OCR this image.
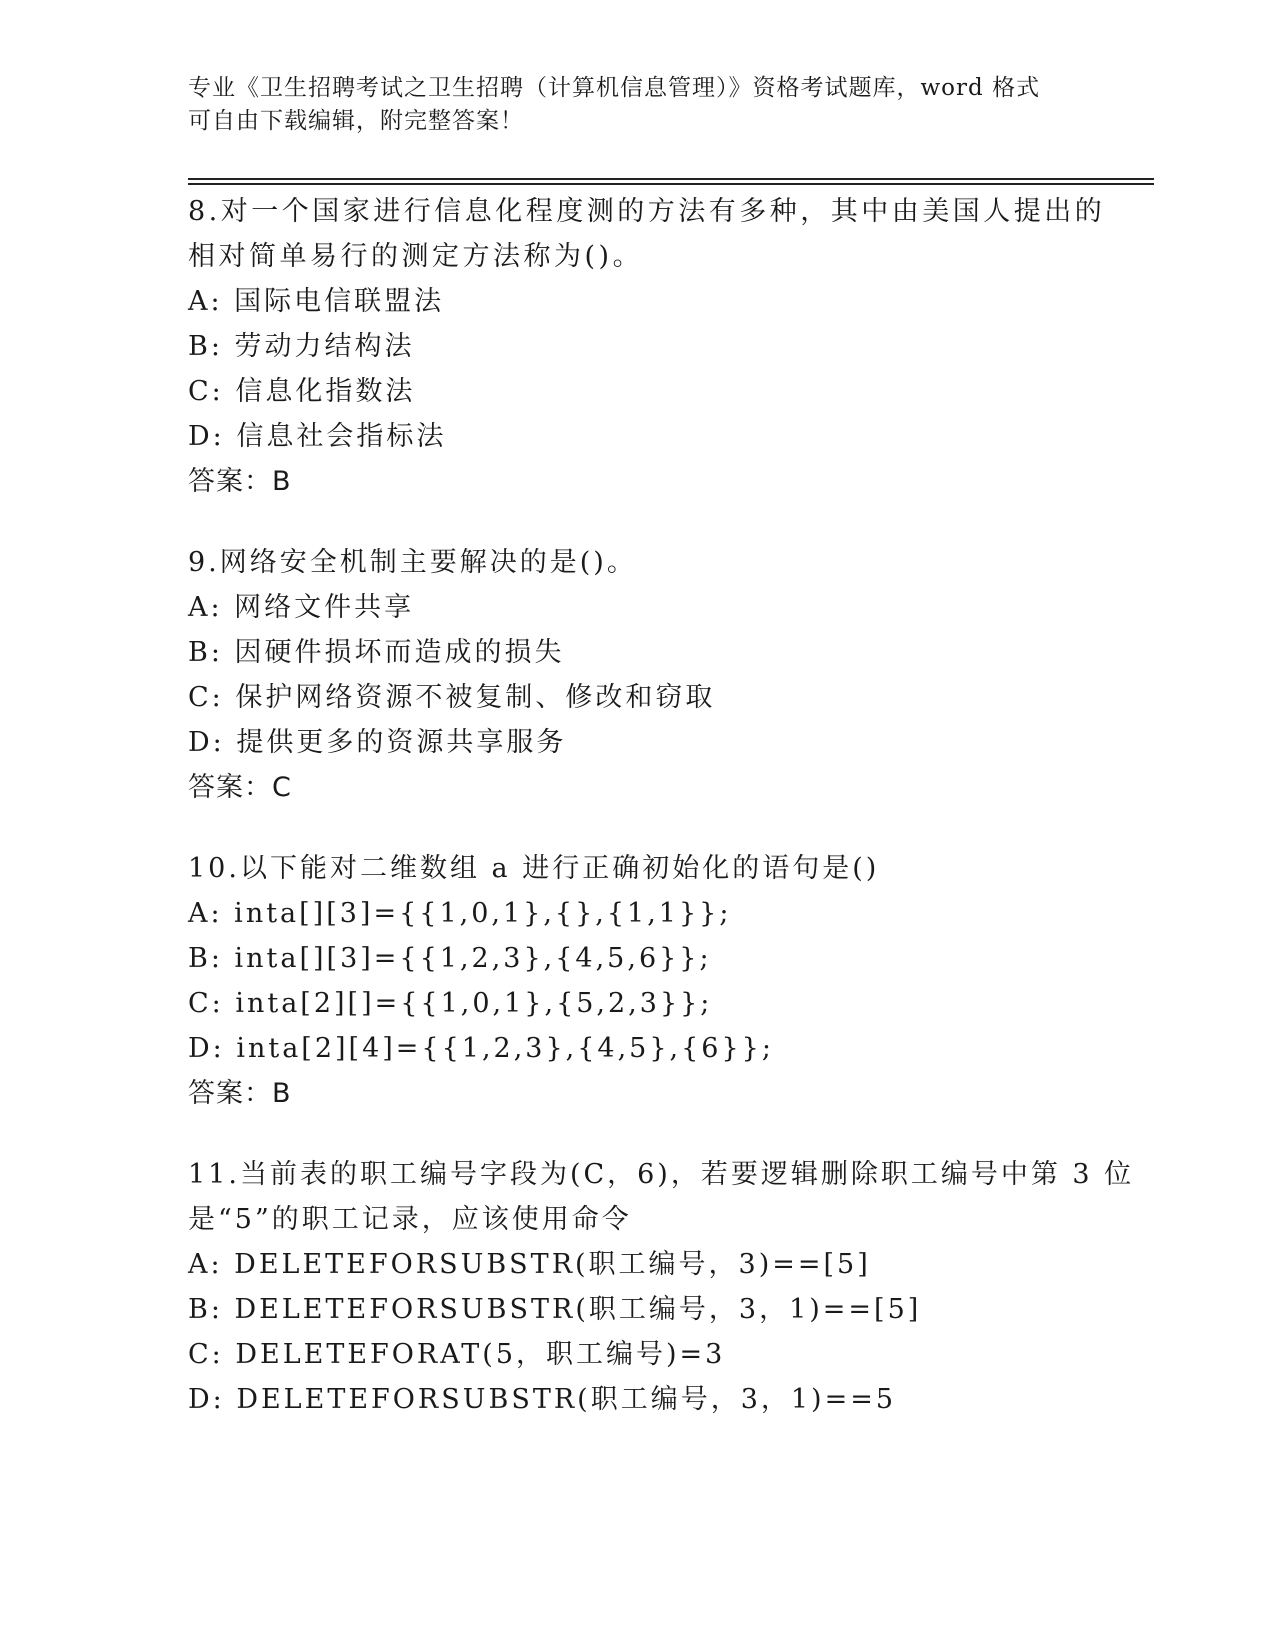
专业《卫生招聘考试之卫生招聘（计算机信息管理）》资格考试题库，word 格式
可自由下载编辑，附完整答案！

8.对一个国家进行信息化程度测的方法有多种，其中由美国人提出的

相对简单易行的测定方法称为()。

A: 国际电信联盟法

B: 劳动力结构法

C: 信息化指数法

D: 信息社会指标法

答案：B

9.网络安全机制主要解决的是()。

A: 网络文件共享

B: 因硬件损坏而造成的损失

C: 保护网络资源不被复制、修改和窃取

D: 提供更多的资源共享服务

答案：C

10.以下能对二维数组 a 进行正确初始化的语句是()

A: inta[][3]={{1,0,1},{},{1,1}};

B: inta[][3]={{1,2,3},{4,5,6}};

C: inta[2][]={{1,0,1},{5,2,3}};

D: inta[2][4]={{1,2,3},{4,5},{6}};

答案：B

11.当前表的职工编号字段为(C，6)，若要逻辑删除职工编号中第 3 位

是“5”的职工记录，应该使用命令

A: DELETEFORSUBSTR(职工编号，3)==[5]

B: DELETEFORSUBSTR(职工编号，3，1)==[5]

C: DELETEFORAT(5，职工编号)=3

D: DELETEFORSUBSTR(职工编号，3，1)==5
